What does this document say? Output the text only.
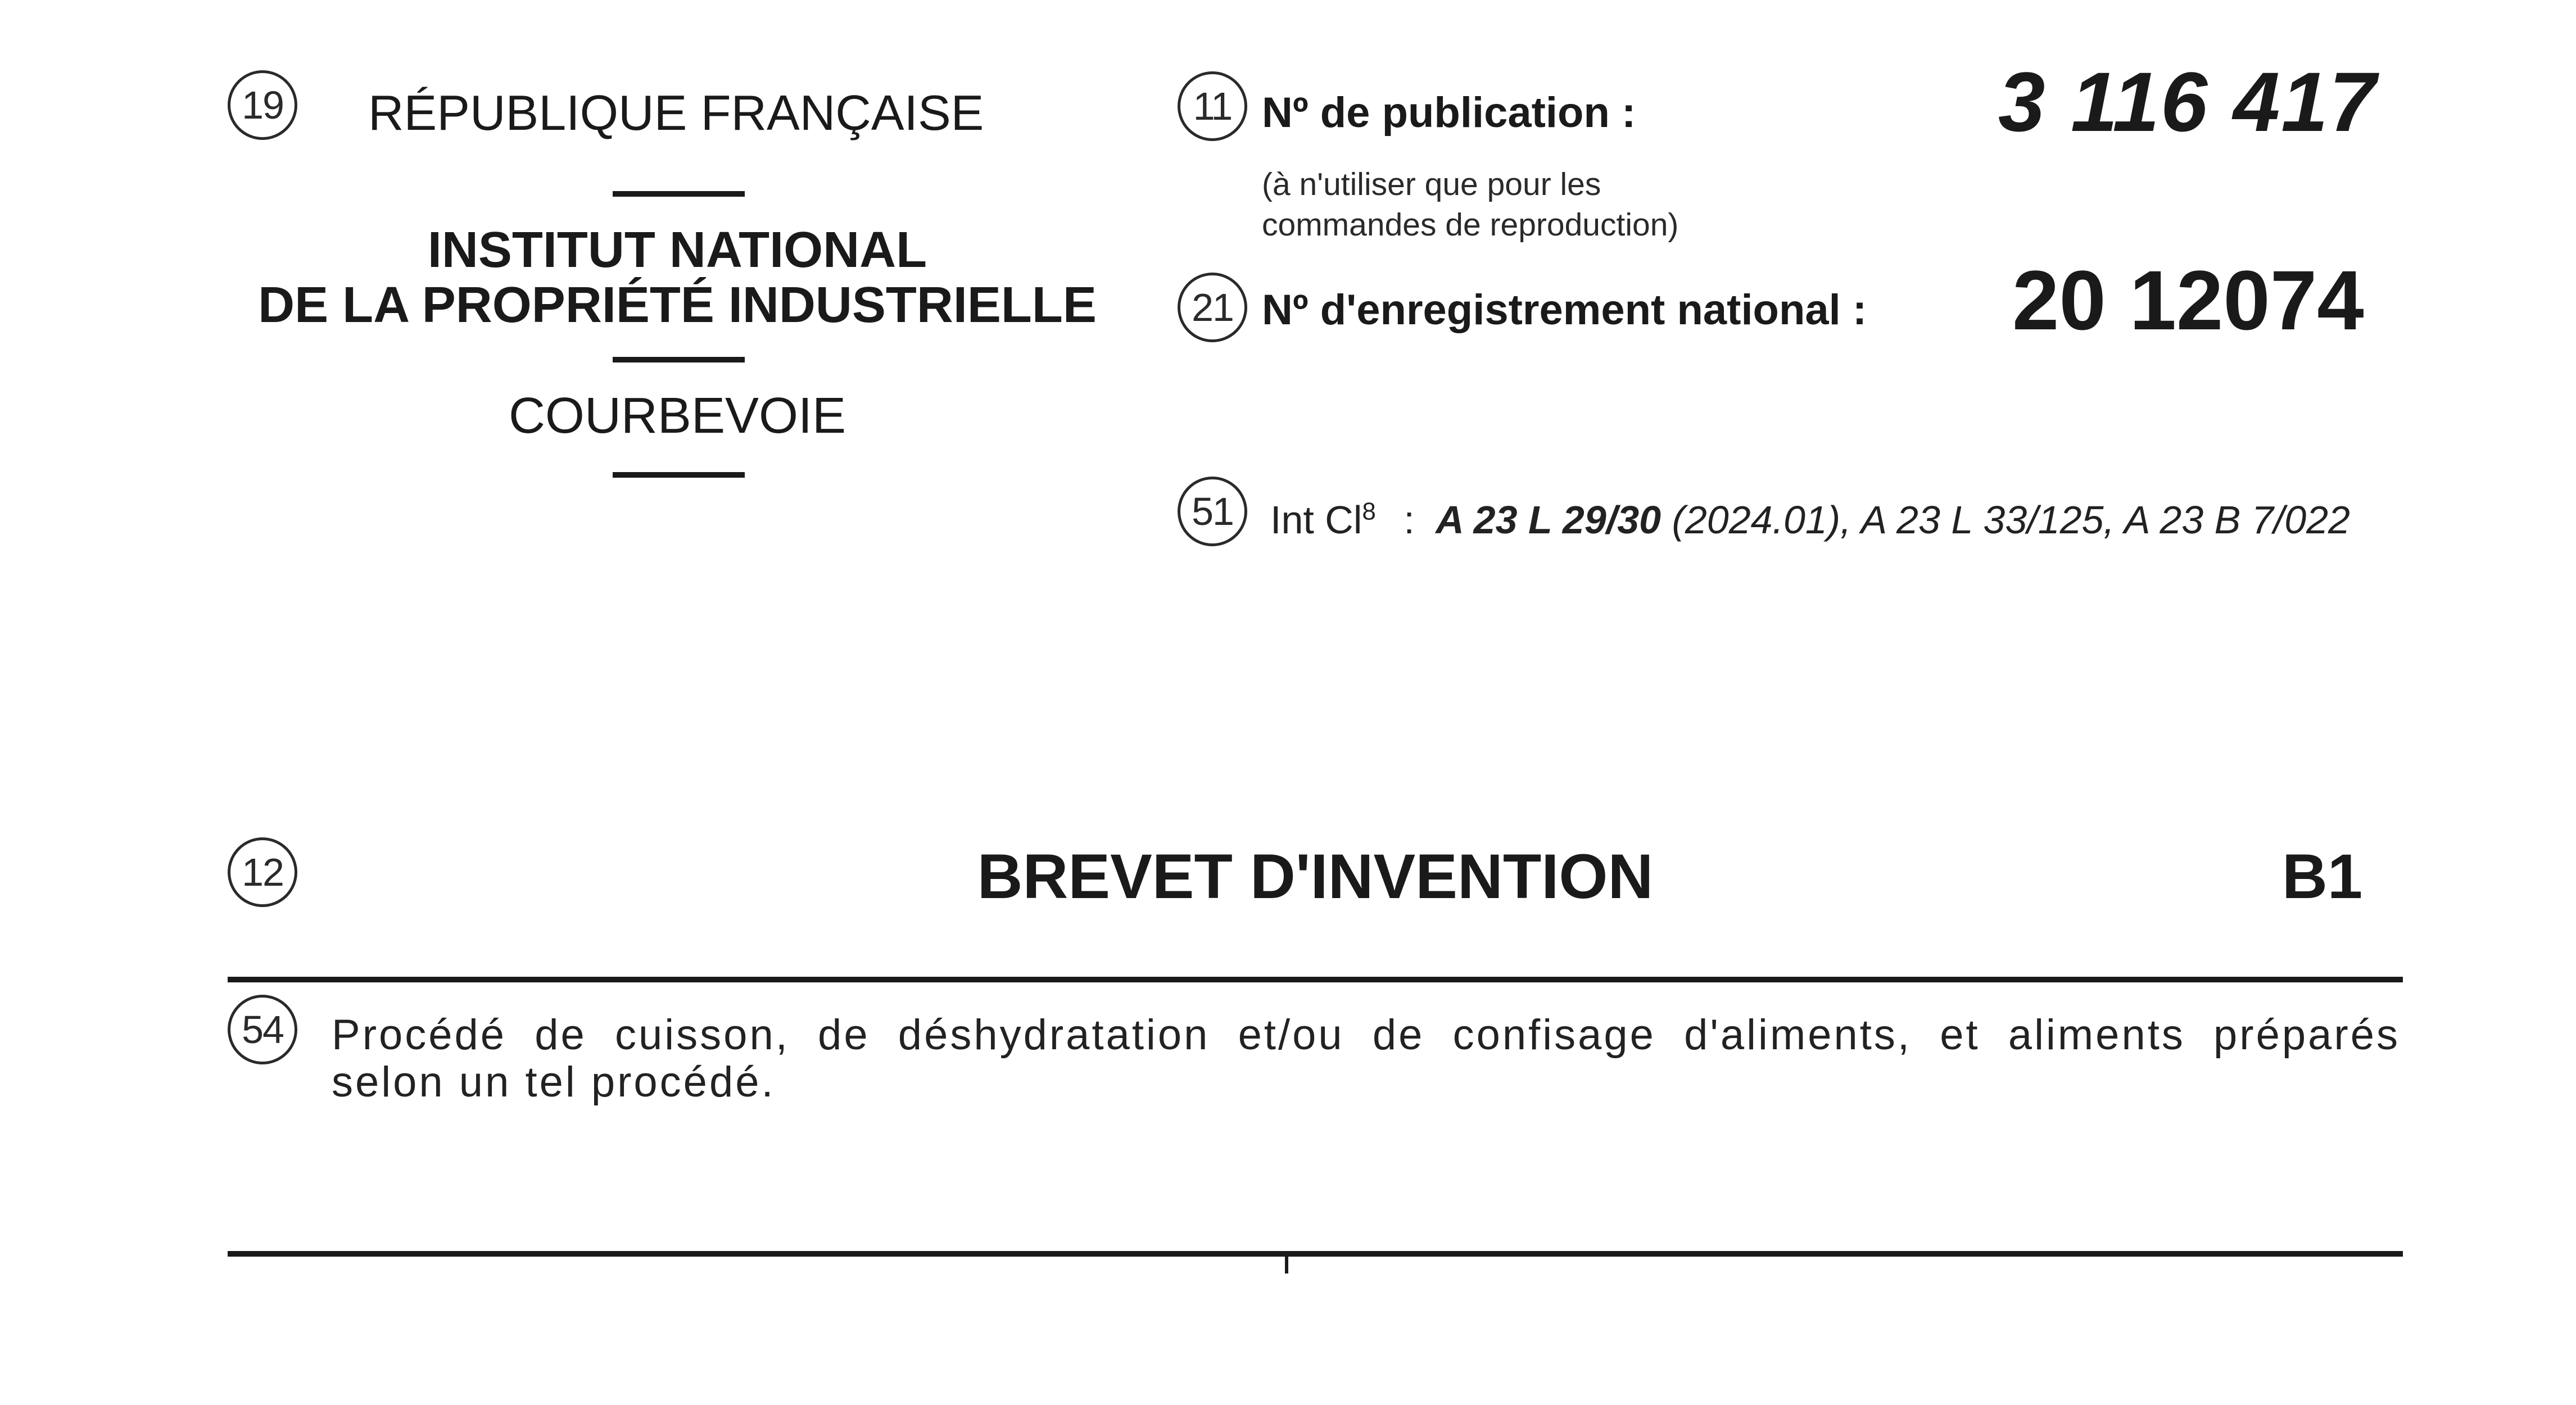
19 RÉPUBLIQUE FRANÇAISE
INSTITUT NATIONAL
DE LA PROPRIÉTÉ INDUSTRIELLE
COURBEVOIE
11 Nº de publication :	3 116 417
(à n'utiliser que pour les
commandes de reproduction)
21 Nº d'enregistrement national : 20 12074
51 Int Cl$^8$ : A 23 L 29/30 (2024.01), A 23 L 33/125, A 23 B 7/022
12	BREVET D'INVENTION	B1
54 Procédé de cuisson, de déshydratation et/ou de confisage d'aliments, et aliments préparés
selon un tel procédé.
